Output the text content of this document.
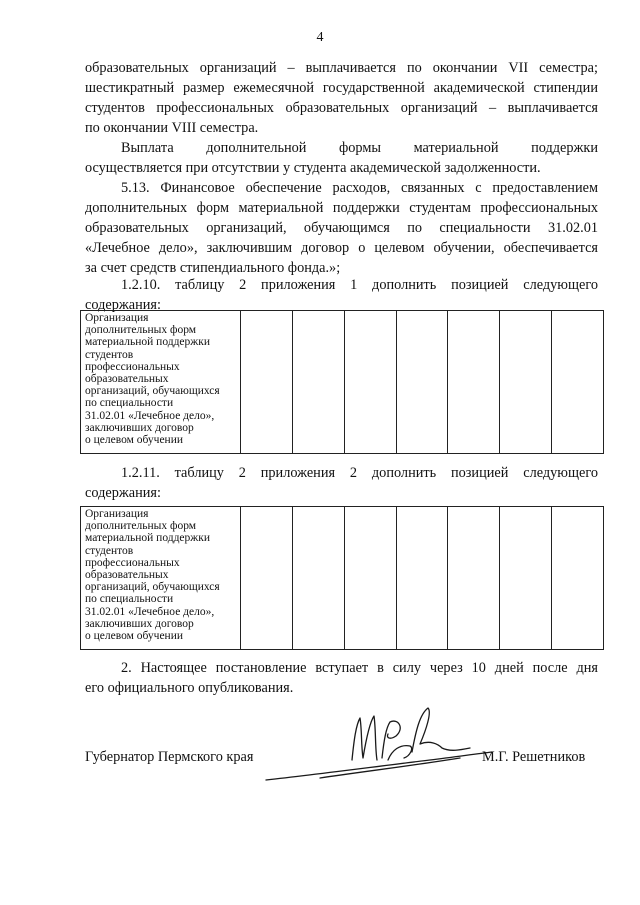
4
образовательных организаций – выплачивается по окончании VII семестра;
шестикратный размер ежемесячной государственной академической стипендии
студентов профессиональных образовательных организаций – выплачивается
по окончании VIII семестра.
Выплата дополнительной формы материальной поддержки
осуществляется при отсутствии у студента академической задолженности.
5.13. Финансовое обеспечение расходов, связанных с предоставлением
дополнительных форм материальной поддержки студентам профессиональных
образовательных организаций, обучающимся по специальности 31.02.01
«Лечебное дело», заключившим договор о целевом обучении, обеспечивается
за счет средств стипендиального фонда.»;
1.2.10. таблицу 2 приложения 1 дополнить позицией следующего
содержания:
Организация
дополнительных форм
материальной поддержки
студентов
профессиональных
образовательных
организаций, обучающихся
по специальности
31.02.01 «Лечебное дело»,
заключивших договор
о целевом обучении

1.2.11. таблицу 2 приложения 2 дополнить позицией следующего
содержания:
Организация
дополнительных форм
материальной поддержки
студентов
профессиональных
образовательных
организаций, обучающихся
по специальности
31.02.01 «Лечебное дело»,
заключивших договор
о целевом обучении

2. Настоящее постановление вступает в силу через 10 дней после дня
его официального опубликования.
Губернатор Пермского края	М.Г. Решетников
